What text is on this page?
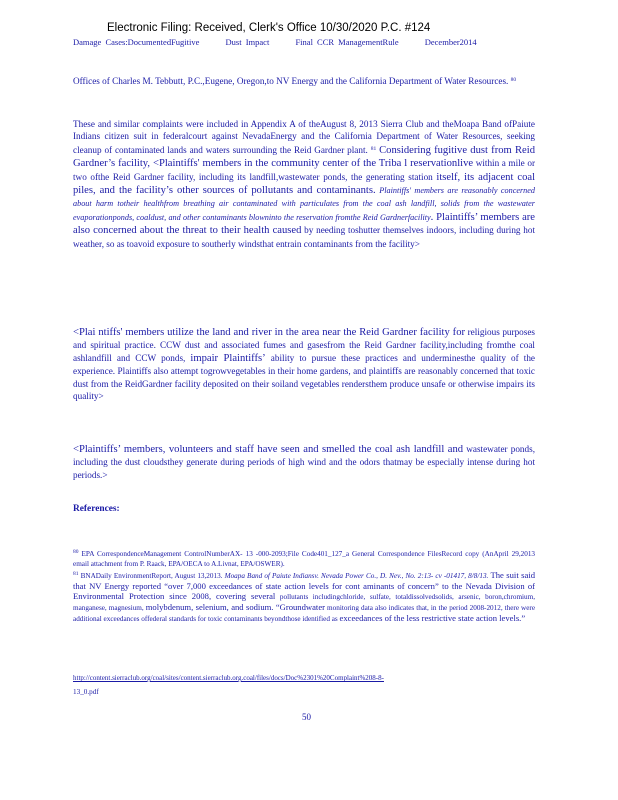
Electronic Filing: Received, Clerk's Office 10/30/2020 P.C. #124
Damage Cases:DocumentedFugitive	Dust Impact	Final CCR ManagementRule	December2014
Offices of Charles M. Tebbutt, P.C.,Eugene, Oregon,to NV Energy and the California Department of Water Resources. $^{80}$
These and similar complaints were included in Appendix A of theAugust 8, 2013 Sierra Club and theMoapa Band ofPaiute Indians citizen suit in federalcourt against NevadaEnergy and the California Department of Water Resources, seeking cleanup of contaminated lands and waters surrounding the Reid Gardner plant. $^{81}$ Considering fugitive dust from Reid Gardner’s facility, <Plaintiffs' members in the community center of the Triba l reservationlive within a mile or two ofthe Reid Gardner facility, including its landfill,wastewater ponds, the generating station itself, its adjacent coal piles, and the facility’s other sources of pollutants and contaminants. Plaintiffs' members are reasonably concerned about harm totheir healthfrom breathing air contaminated with particulates from the coal ash landfill, solids from the wastewater evaporationponds, coaldust, and other contaminants blowninto the reservation fromthe Reid Gardnerfacility. Plaintiffs’ members are also concerned about the threat to their health caused by needing toshutter themselves indoors, including during hot weather, so as toavoid exposure to southerly windsthat entrain contaminants from the facility>
<Plai ntiffs' members utilize the land and river in the area near the Reid Gardner facility for religious purposes and spiritual practice. CCW dust and associated fumes and gasesfrom the Reid Gardner facility,including fromthe coal ashlandfill and CCW ponds, impair Plaintiffs’ ability to pursue these practices and underminesthe quality of the experience. Plaintiffs also attempt togrowvegetables in their home gardens, and plaintiffs are reasonably concerned that toxic dust from the ReidGardner facility deposited on their soiland vegetables rendersthem produce unsafe or otherwise impairs its quality>
<Plaintiffs’ members, volunteers and staff have seen and smelled the coal ash landfill and wastewater ponds, including the dust cloudsthey generate during periods of high wind and the odors thatmay be especially intense during hot periods.>
References:

$^{80}$ EPA CorrespondenceManagement ControlNumberAX- 13 -000-2093;File Code401_127_a General Correspondence FilesRecord copy (AnApril 29,2013 email attachment from P. Raack, EPA/OECA to A.Livnat, EPA/OSWER).

$^{81}$ BNADaily EnvironmentReport, August 13,2013. Moapa Band of Paiute Indiansv. Nevada Power Co., D. Nev., No. 2:13- cv -01417, 8/8/13. The suit said that NV Energy reported “over 7,000 exceedances of state action levels for cont aminants of concern” to the Nevada Division of Environmental Protection since 2008, covering several pollutants includingchloride, sulfate, totaldissolvedsolids, arsenic, boron,chromium, manganese, magnesium, molybdenum, selenium, and sodium. “Groundwater monitoring data also indicates that, in the period 2008-2012, there were additional exceedances offederal standards for toxic contaminants beyondthose identified as exceedances of the less restrictive state action levels.”

http://content.sierraclub.org/coal/sites/content.sierraclub.org.coal/files/docs/Doc%2301%20Complaint%208-8-
13_0.pdf
50
